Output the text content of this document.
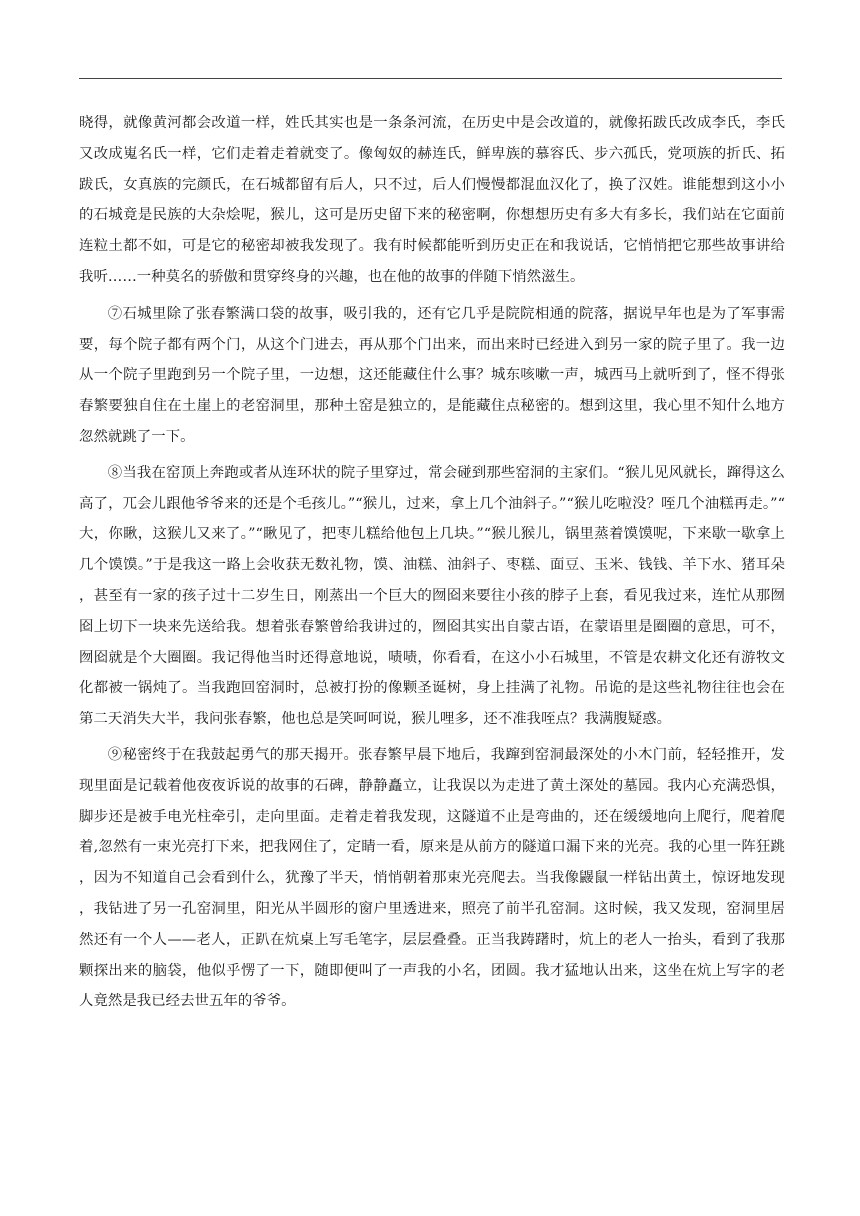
晓得，就像黄河都会改道一样，姓氏其实也是一条条河流，在历史中是会改道的，就像拓跋氏改成李氏，李氏又改成嵬名氏一样，它们走着走着就变了。像匈奴的赫连氏，鲜卑族的慕容氏、步六孤氏，党项族的折氏、拓跋氏，女真族的完颜氏，在石城都留有后人，只不过，后人们慢慢都混血汉化了，换了汉姓。谁能想到这小小的石城竟是民族的大杂烩呢，猴儿，这可是历史留下来的秘密啊，你想想历史有多大有多长，我们站在它面前连粒土都不如，可是它的秘密却被我发现了。我有时候都能听到历史正在和我说话，它悄悄把它那些故事讲给我听……一种莫名的骄傲和贯穿终身的兴趣，也在他的故事的伴随下悄然滋生。

⑦石城里除了张春繁满口袋的故事，吸引我的，还有它几乎是院院相通的院落，据说早年也是为了军事需要，每个院子都有两个门，从这个门进去，再从那个门出来，而出来时已经进入到另一家的院子里了。我一边从一个院子里跑到另一个院子里，一边想，这还能藏住什么事？城东咳嗽一声，城西马上就听到了，怪不得张春繁要独自住在土崖上的老窑洞里，那种土窑是独立的，是能藏住点秘密的。想到这里，我心里不知什么地方忽然就跳了一下。

⑧当我在窑顶上奔跑或者从连环状的院子里穿过，常会碰到那些窑洞的主家们。“猴儿见风就长，蹿得这么高了，兀会儿跟他爷爷来的还是个毛孩儿。”“猴儿，过来，拿上几个油斜子。”“猴儿吃啦没？咥几个油糕再走。”“大，你瞅，这猴儿又来了。”“瞅见了，把枣儿糕给他包上几块。”“猴儿猴儿，锅里蒸着馍馍呢，下来歇一歇拿上几个馍馍。”于是我这一路上会收获无数礼物，馍、油糕、油斜子、枣糕、面豆、玉米、钱钱、羊下水、猪耳朵，甚至有一家的孩子过十二岁生日，刚蒸出一个巨大的囫囵来要往小孩的脖子上套，看见我过来，连忙从那囫囵上切下一块来先送给我。想着张春繁曾给我讲过的，囫囵其实出自蒙古语，在蒙语里是圈圈的意思，可不，囫囵就是个大圈圈。我记得他当时还得意地说，啧啧，你看看，在这小小石城里，不管是农耕文化还有游牧文化都被一锅炖了。当我跑回窑洞时，总被打扮的像颗圣诞树，身上挂满了礼物。吊诡的是这些礼物往往也会在第二天消失大半，我问张春繁，他也总是笑呵呵说，猴儿哩多，还不准我咥点？我满腹疑惑。

⑨秘密终于在我鼓起勇气的那天揭开。张春繁早晨下地后，我蹿到窑洞最深处的小木门前，轻轻推开，发现里面是记载着他夜夜诉说的故事的石碑，静静矗立，让我误以为走进了黄土深处的墓园。我内心充满恐惧，脚步还是被手电光柱牵引，走向里面。走着走着我发现，这隧道不止是弯曲的，还在缓缓地向上爬行，爬着爬着,忽然有一束光亮打下来，把我网住了，定睛一看，原来是从前方的隧道口漏下来的光亮。我的心里一阵狂跳，因为不知道自己会看到什么，犹豫了半天，悄悄朝着那束光亮爬去。当我像鼹鼠一样钻出黄土，惊讶地发现，我钻进了另一孔窑洞里，阳光从半圆形的窗户里透进来，照亮了前半孔窑洞。这时候，我又发现，窑洞里居然还有一个人——老人，正趴在炕桌上写毛笔字，层层叠叠。正当我踌躇时，炕上的老人一抬头，看到了我那颗探出来的脑袋，他似乎愣了一下，随即便叫了一声我的小名，团圆。我才猛地认出来，这坐在炕上写字的老人竟然是我已经去世五年的爷爷。
